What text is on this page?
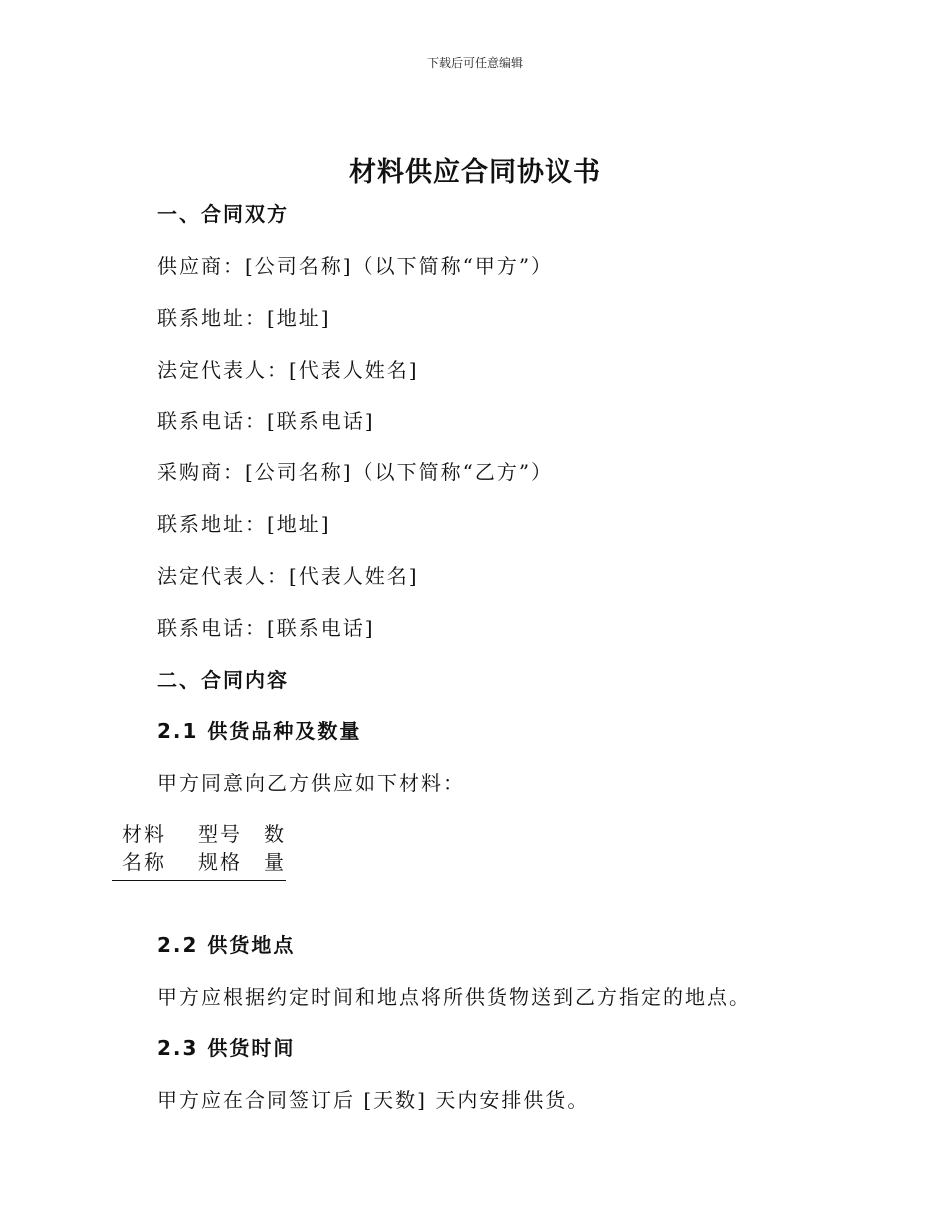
下载后可任意编辑
材料供应合同协议书
一、合同双方
供应商：[公司名称]（以下简称“甲方”）
联系地址：[地址]
法定代表人：[代表人姓名]
联系电话：[联系电话]
采购商：[公司名称]（以下简称“乙方”）
联系地址：[地址]
法定代表人：[代表人姓名]
联系电话：[联系电话]
二、合同内容
2.1 供货品种及数量
甲方同意向乙方供应如下材料：
材料	型号	数
名称	规格	量
2.2 供货地点
甲方应根据约定时间和地点将所供货物送到乙方指定的地点。
2.3 供货时间
甲方应在合同签订后 [天数] 天内安排供货。
